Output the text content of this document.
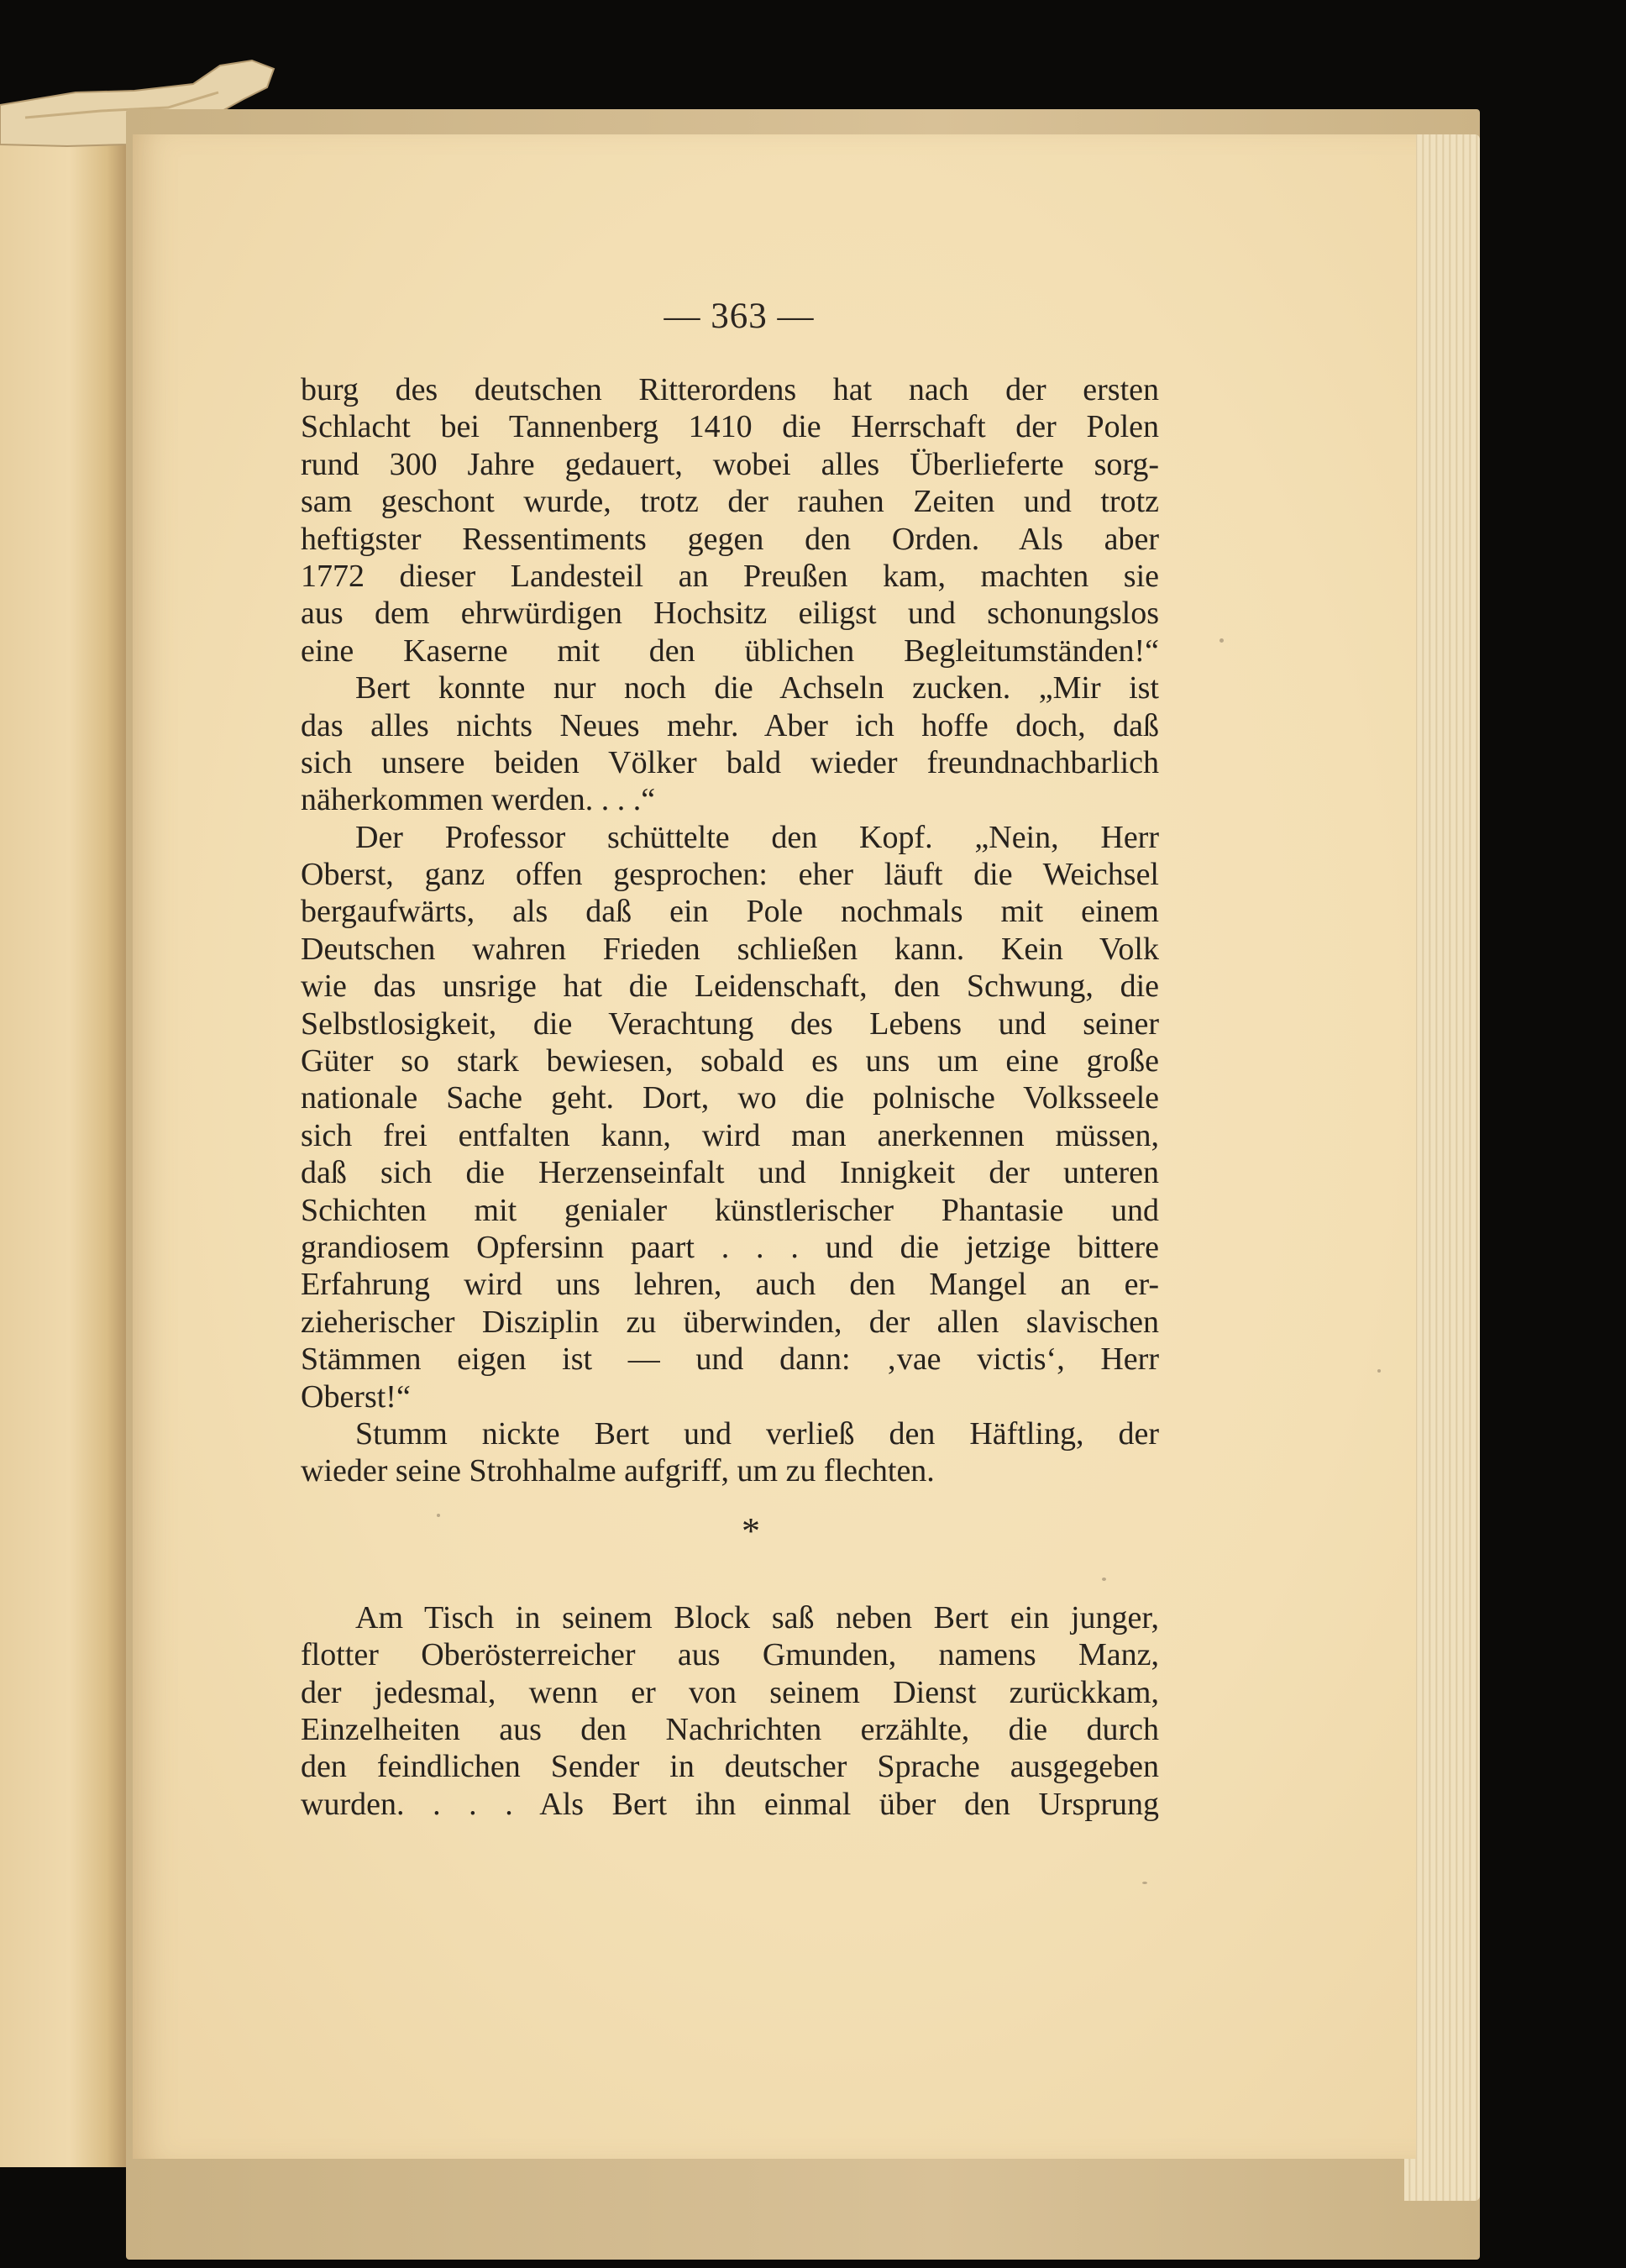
— 363 —
burg des deutschen Ritterordens hat nach der ersten
Schlacht bei Tannenberg 1410 die Herrschaft der Polen
rund 300 Jahre gedauert, wobei alles Überlieferte sorg-
sam geschont wurde, trotz der rauhen Zeiten und trotz
heftigster Ressentiments gegen den Orden. Als aber
1772 dieser Landesteil an Preußen kam, machten sie
aus dem ehrwürdigen Hochsitz eiligst und schonungslos
eine Kaserne mit den üblichen Begleitumständen!“
Bert konnte nur noch die Achseln zucken. „Mir ist
das alles nichts Neues mehr. Aber ich hoffe doch, daß
sich unsere beiden Völker bald wieder freundnachbarlich
näherkommen werden. . . .“
Der Professor schüttelte den Kopf. „Nein, Herr
Oberst, ganz offen gesprochen: eher läuft die Weichsel
bergaufwärts, als daß ein Pole nochmals mit einem
Deutschen wahren Frieden schließen kann. Kein Volk
wie das unsrige hat die Leidenschaft, den Schwung, die
Selbstlosigkeit, die Verachtung des Lebens und seiner
Güter so stark bewiesen, sobald es uns um eine große
nationale Sache geht. Dort, wo die polnische Volksseele
sich frei entfalten kann, wird man anerkennen müssen,
daß sich die Herzenseinfalt und Innigkeit der unteren
Schichten mit genialer künstlerischer Phantasie und
grandiosem Opfersinn paart . . . und die jetzige bittere
Erfahrung wird uns lehren, auch den Mangel an er-
zieherischer Disziplin zu überwinden, der allen slavischen
Stämmen eigen ist — und dann: ‚vae victis‘, Herr
Oberst!“
Stumm nickte Bert und verließ den Häftling, der
wieder seine Strohhalme aufgriff, um zu flechten.
*
Am Tisch in seinem Block saß neben Bert ein junger,
flotter Oberösterreicher aus Gmunden, namens Manz,
der jedesmal, wenn er von seinem Dienst zurückkam,
Einzelheiten aus den Nachrichten erzählte, die durch
den feindlichen Sender in deutscher Sprache ausgegeben
wurden. . . . Als Bert ihn einmal über den Ursprung
